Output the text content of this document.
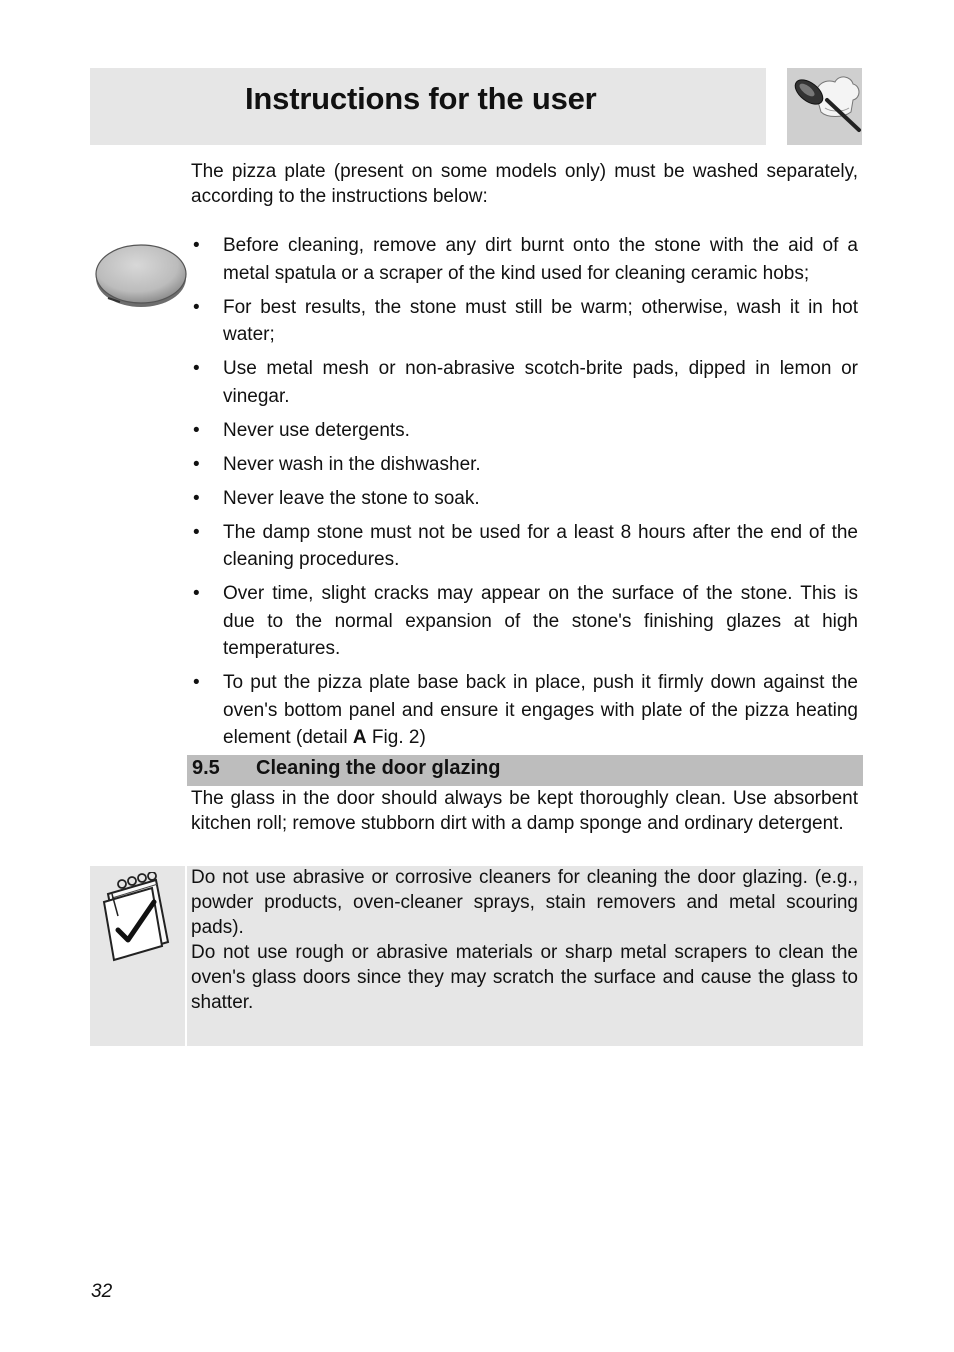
Instructions for the user
The pizza plate (present on some models only) must be washed separately, according to the instructions below:
• Before cleaning, remove any dirt burnt onto the stone with the aid of a metal spatula or a scraper of the kind used for cleaning ceramic hobs;
• For best results, the stone must still be warm; otherwise, wash it in hot water;
• Use metal mesh or non-abrasive scotch-brite pads, dipped in lemon or vinegar.
• Never use detergents.
• Never wash in the dishwasher.
• Never leave the stone to soak.
• The damp stone must not be used for a least 8 hours after the end of the cleaning procedures.
• Over time, slight cracks may appear on the surface of the stone. This is due to the normal expansion of the stone's finishing glazes at high temperatures.
• To put the pizza plate base back in place, push it firmly down against the oven's bottom panel and ensure it engages with plate of the pizza heating element (detail A Fig. 2)
9.5 Cleaning the door glazing
The glass in the door should always be kept thoroughly clean. Use absorbent kitchen roll; remove stubborn dirt with a damp sponge and ordinary detergent.
Do not use abrasive or corrosive cleaners for cleaning the door glazing. (e.g., powder products, oven-cleaner sprays, stain removers and metal scouring pads).
Do not use rough or abrasive materials or sharp metal scrapers to clean the oven's glass doors since they may scratch the surface and cause the glass to shatter.
32
